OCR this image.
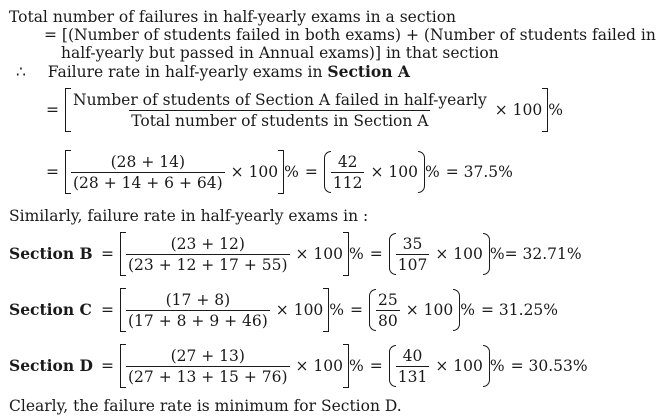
Total number of failures in half-yearly exams in a section
= [(Number of students failed in both exams) + (Number of students failed in
half-yearly but passed in Annual exams)] in that section
∴ Failure rate in half-yearly exams in Section A
= $\frac{\text{Number of students of Section A failed in half-yearly}}{\text{Total number of students in Section A}} \times 100$ %
= $\frac{(28 + 14)}{(28 + 14 + 6 + 64)} \times 100$ % = $\frac{42}{112} \times 100$ % = 37.5%
Similarly, failure rate in half-yearly exams in :
Section $B = \frac{(23 + 12)}{(23 + 12 + 17 + 55)} \times 100$ % = $\frac{35}{107} \times 100$ % = 32.71%
Section $C = \frac{(17 + 8)}{(17 + 8 + 9 + 46)} \times 100$ % = $\frac{25}{80} \times 100$ % = 31.25%
Section $D = \frac{(27 + 13)}{(27 + 13 + 15 + 76)} \times 100$ % = $\frac{40}{131} \times 100$ % = 30.53%
Clearly, the failure rate is minimum for Section D.
